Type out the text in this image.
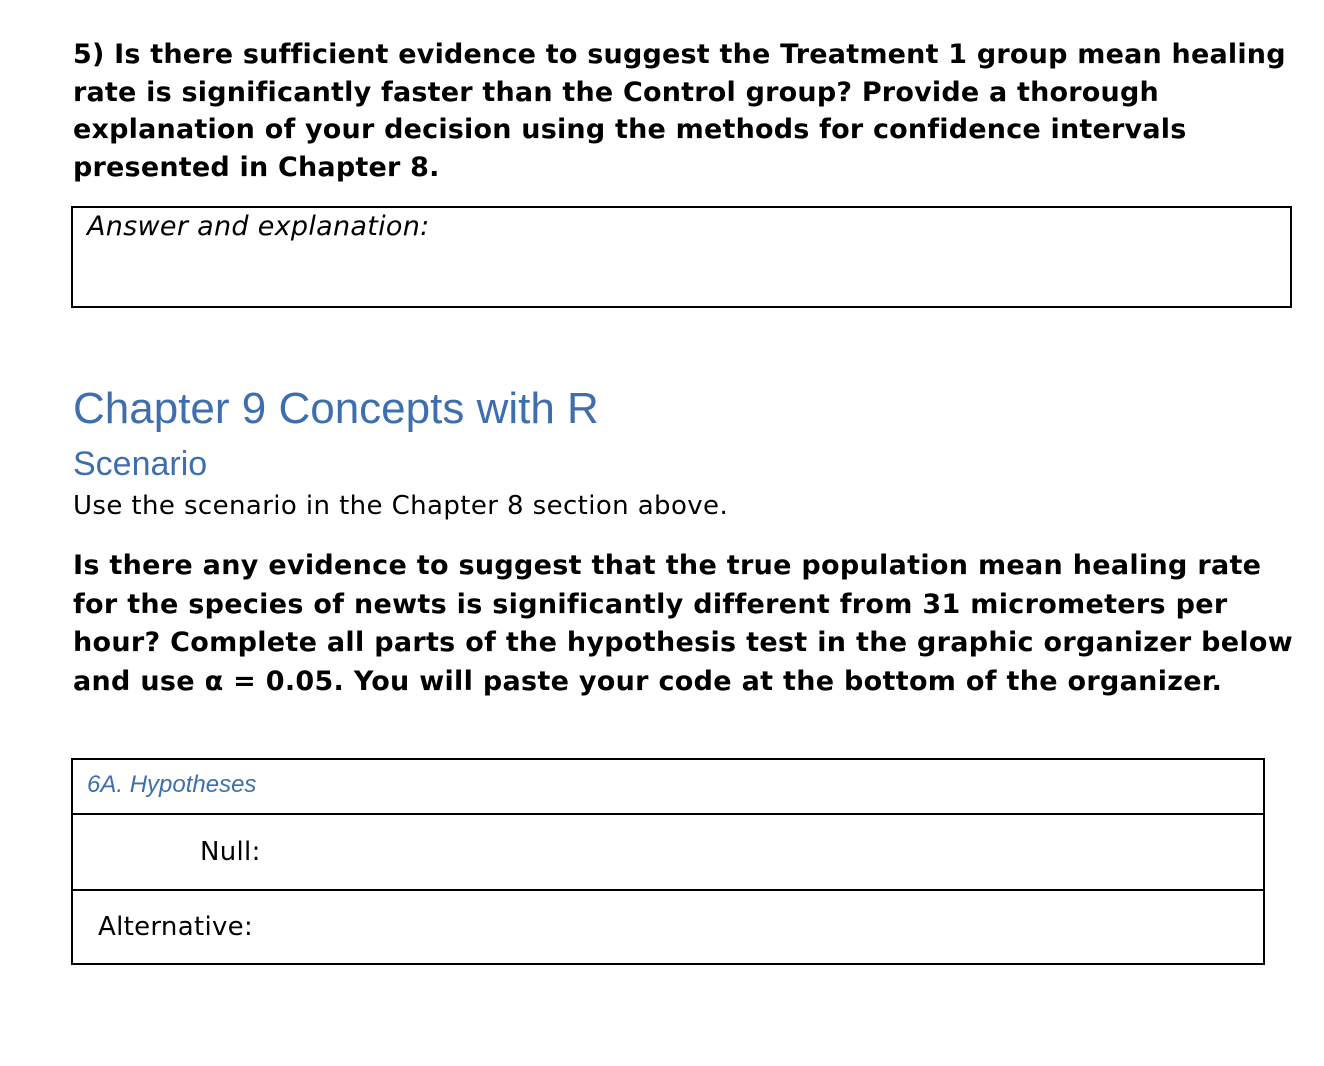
5) Is there sufficient evidence to suggest the Treatment 1 group mean healing rate is significantly faster than the Control group? Provide a thorough explanation of your decision using the methods for confidence intervals presented in Chapter 8.

Answer and explanation:
Chapter 9 Concepts with R
Scenario

Use the scenario in the Chapter 8 section above.

Is there any evidence to suggest that the true population mean healing rate for the species of newts is significantly different from 31 micrometers per hour? Complete all parts of the hypothesis test in the graphic organizer below and use α = 0.05. You will paste your code at the bottom of the organizer.

6A. Hypotheses
Null:
Alternative:
